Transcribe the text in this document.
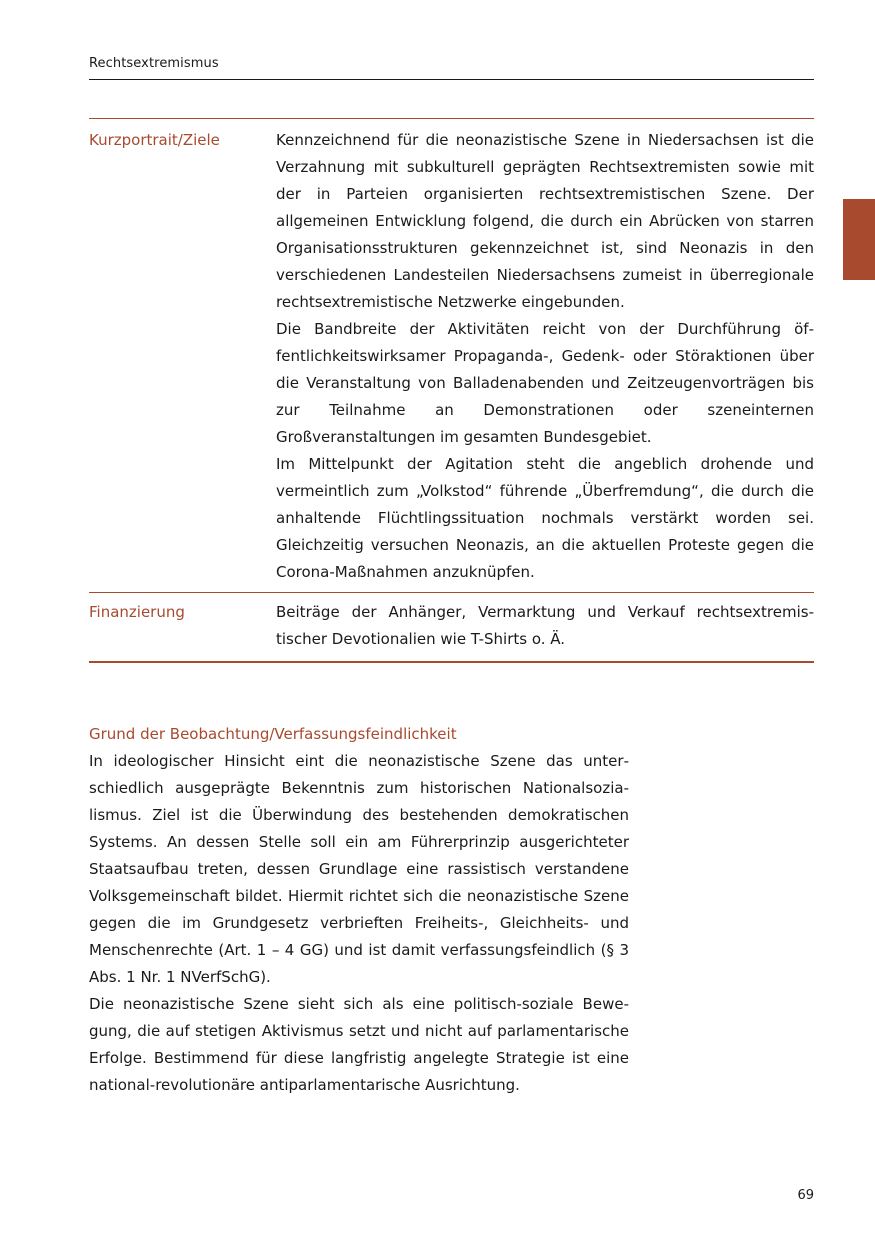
Rechtsextremismus
Kurzportrait/Ziele	Kennzeichnend für die neonazistische Szene in Niedersachsen ist die Verzahnung mit subkulturell geprägten Rechtsextremisten sowie mit der in Parteien organisierten rechtsextremistischen Szene. Der allgemeinen Entwicklung folgend, die durch ein Abrücken von starren Organisationsstrukturen gekennzeichnet ist, sind Neonazis in den verschiedenen Landesteilen Niedersachsens zumeist in überregionale rechtsextremistische Netzwerke eingebunden.

Die Bandbreite der Aktivitäten reicht von der Durchführung öffentlichkeitswirksamer Propaganda-, Gedenk- oder Störaktionen über die Veranstaltung von Balladenabenden und Zeitzeugenvorträgen bis zur Teilnahme an Demonstrationen oder szeneinternen Großveranstaltungen im gesamten Bundesgebiet.

Im Mittelpunkt der Agitation steht die angeblich drohende und vermeintlich zum „Volkstod“ führende „Überfremdung“, die durch die anhaltende Flüchtlingssituation nochmals verstärkt worden sei. Gleichzeitig versuchen Neonazis, an die aktuellen Proteste gegen die Corona-Maßnahmen anzuknüpfen.

Finanzierung	Beiträge der Anhänger, Vermarktung und Verkauf rechtsextremistischer Devotionalien wie T-Shirts o. Ä.

Grund der Beobachtung/Verfassungsfeindlichkeit

In ideologischer Hinsicht eint die neonazistische Szene das unterschiedlich ausgeprägte Bekenntnis zum historischen Nationalsozialismus. Ziel ist die Überwindung des bestehenden demokratischen Systems. An dessen Stelle soll ein am Führerprinzip ausgerichteter Staatsaufbau treten, dessen Grundlage eine rassistisch verstandene Volksgemeinschaft bildet. Hiermit richtet sich die neonazistische Szene gegen die im Grundgesetz verbrieften Freiheits-, Gleichheits- und Menschenrechte (Art. 1 – 4 GG) und ist damit verfassungsfeindlich (§ 3 Abs. 1 Nr. 1 NVerfSchG).

Die neonazistische Szene sieht sich als eine politisch-soziale Bewegung, die auf stetigen Aktivismus setzt und nicht auf parlamentarische Erfolge. Bestimmend für diese langfristig angelegte Strategie ist eine national-revolutionäre antiparlamentarische Ausrichtung.

69
